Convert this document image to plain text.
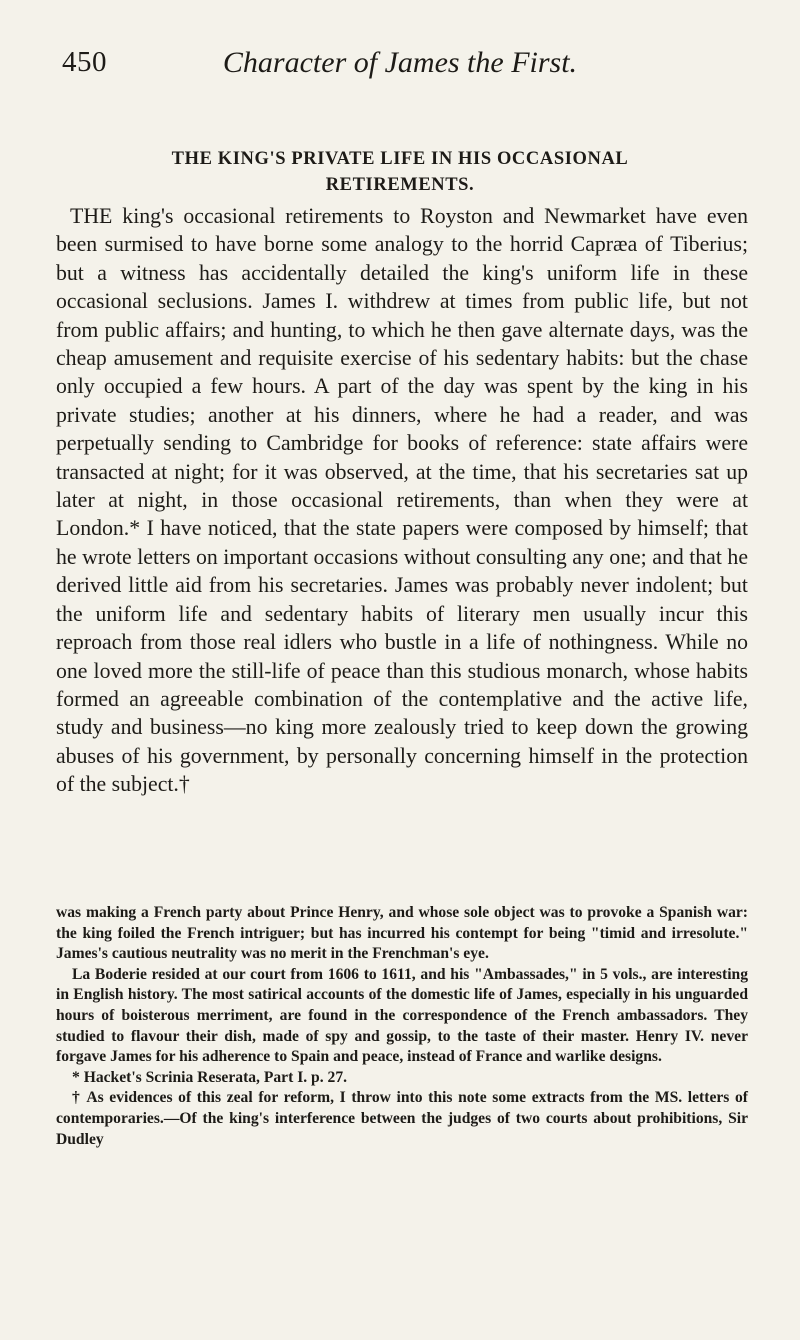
450	Character of James the First.
THE KING'S PRIVATE LIFE IN HIS OCCASIONAL
RETIREMENTS.

THE king's occasional retirements to Royston and Newmarket have even been surmised to have borne some analogy to the horrid Capræa of Tiberius; but a witness has accidentally detailed the king's uniform life in these occasional seclusions. James I. withdrew at times from public life, but not from public affairs; and hunting, to which he then gave alternate days, was the cheap amusement and requisite exercise of his sedentary habits: but the chase only occupied a few hours. A part of the day was spent by the king in his private studies; another at his dinners, where he had a reader, and was perpetually sending to Cambridge for books of reference: state affairs were transacted at night; for it was observed, at the time, that his secretaries sat up later at night, in those occasional retirements, than when they were at London.* I have noticed, that the state papers were composed by himself; that he wrote letters on important occasions without consulting any one; and that he derived little aid from his secretaries. James was probably never indolent; but the uniform life and sedentary habits of literary men usually incur this reproach from those real idlers who bustle in a life of nothingness. While no one loved more the still-life of peace than this studious monarch, whose habits formed an agreeable combination of the contemplative and the active life, study and business—no king more zealously tried to keep down the growing abuses of his government, by personally concerning himself in the protection of the subject.†

was making a French party about Prince Henry, and whose sole object was to provoke a Spanish war: the king foiled the French intriguer; but has incurred his contempt for being "timid and irresolute." James's cautious neutrality was no merit in the Frenchman's eye.

La Boderie resided at our court from 1606 to 1611, and his "Ambassades," in 5 vols., are interesting in English history. The most satirical accounts of the domestic life of James, especially in his unguarded hours of boisterous merriment, are found in the correspondence of the French ambassadors. They studied to flavour their dish, made of spy and gossip, to the taste of their master. Henry IV. never forgave James for his adherence to Spain and peace, instead of France and warlike designs.

* Hacket's Scrinia Reserata, Part I. p. 27.

† As evidences of this zeal for reform, I throw into this note some extracts from the MS. letters of contemporaries.—Of the king's interference between the judges of two courts about prohibitions, Sir Dudley
